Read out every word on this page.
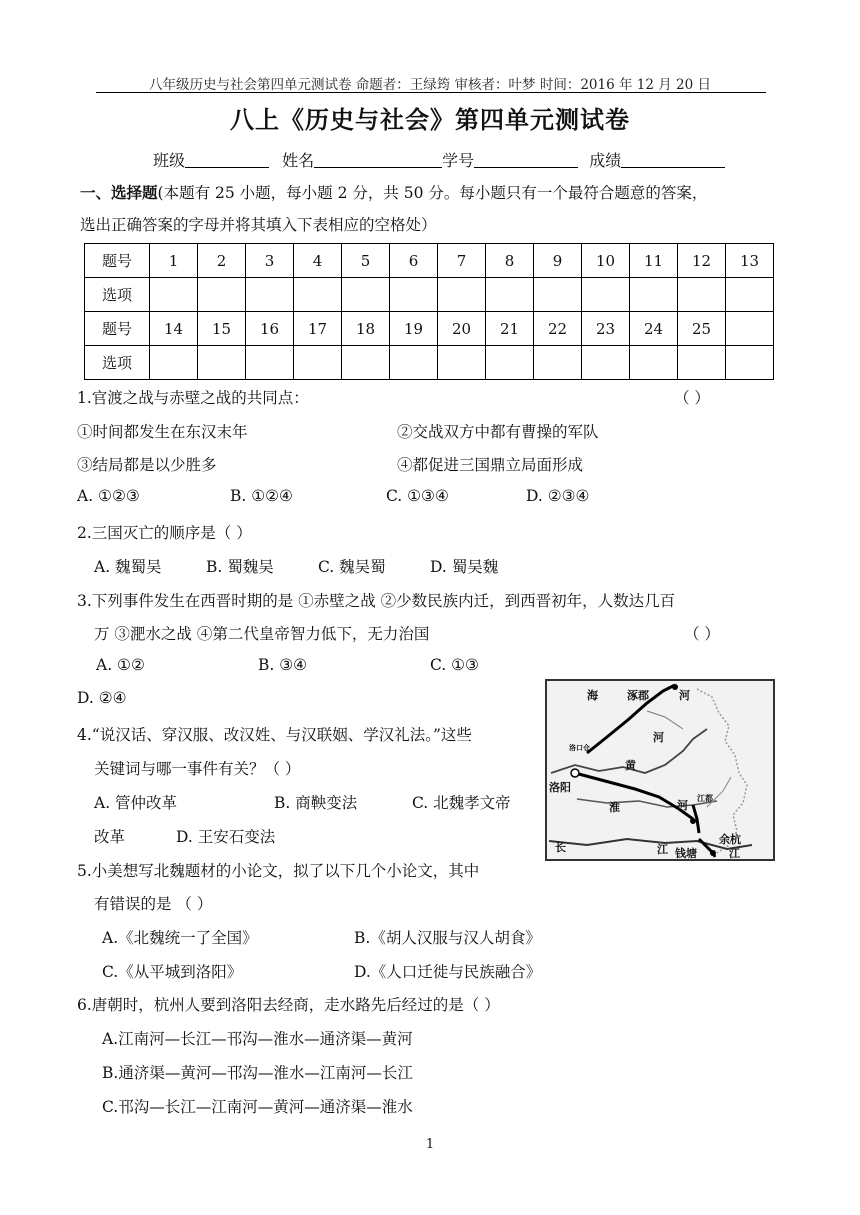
八年级历史与社会第四单元测试卷 命题者：王绿筠 审核者：叶梦 时间：2016 年 12 月 20 日
八上《历史与社会》第四单元测试卷
班级	姓名	学号	成绩
一、选择题(本题有 25 小题，每小题 2 分，共 50 分。每小题只有一个最符合题意的答案，
选出正确答案的字母并将其填入下表相应的空格处）
题号	1	2	3	4	5	6	7	8	9	10	11	12	13
选项													
题号	14	15	16	17	18	19	20	21	22	23	24	25	
选项													
1.官渡之战与赤壁之战的共同点：	（ ）
①时间都发生在东汉末年	②交战双方中都有曹操的军队
③结局都是以少胜多	④都促进三国鼎立局面形成
A. ①②③	B. ①②④	C. ①③④	D. ②③④
2.三国灭亡的顺序是（ ）
A. 魏蜀吴	B. 蜀魏吴	C. 魏吴蜀	D. 蜀吴魏
3.下列事件发生在西晋时期的是 ①赤壁之战 ②少数民族内迁，到西晋初年，人数达几百
万 ③淝水之战 ④第二代皇帝智力低下，无力治国	（ ）
A. ①②	B. ③④	C. ①③
D. ②④	海	涿郡	河
河
洛口仓
洛阳
黄
淮	河
江都
余杭
长	江 钱塘	江
4.“说汉话、穿汉服、改汉姓、与汉联姻、学汉礼法。”这些
关键词与哪一事件有关？（ ）
A. 管仲改革	B. 商鞅变法	C. 北魏孝文帝
改革	D. 王安石变法
5.小美想写北魏题材的小论文，拟了以下几个小论文，其中
有错误的是 （ ）
A.《北魏统一了全国》	B.《胡人汉服与汉人胡食》
C.《从平城到洛阳》	D.《人口迁徙与民族融合》
6.唐朝时，杭州人要到洛阳去经商，走水路先后经过的是（ ）
A.江南河—长江—邗沟—淮水—通济渠—黄河
B.通济渠—黄河—邗沟—淮水—江南河—长江
C.邗沟—长江—江南河—黄河—通济渠—淮水
1
